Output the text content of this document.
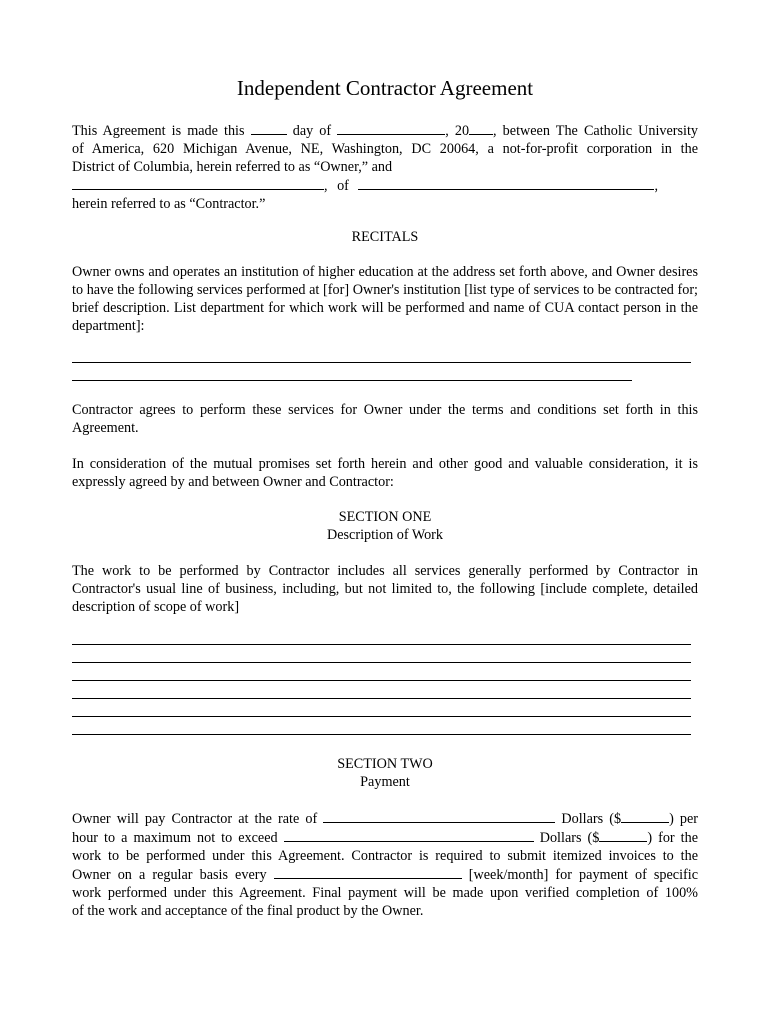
Independent Contractor Agreement

This Agreement is made this	day of	, 20 , between The Catholic University

of America, 620 Michigan Avenue, NE, Washington, DC 20064, a not-for-profit corporation in the

District of Columbia, herein referred to as “Owner,” and

, of	,

herein referred to as “Contractor.”

RECITALS
Owner owns and operates an institution of higher education at the address set forth above, and Owner desires to have the following services performed at [for] Owner's institution [list type of services to be contracted for; brief description. List department for which work will be performed and name of CUA contact person in the department]:
Contractor agrees to perform these services for Owner under the terms and conditions set forth in this Agreement.
In consideration of the mutual promises set forth herein and other good and valuable consideration, it is expressly agreed by and between Owner and Contractor:
SECTION ONE
Description of Work
The work to be performed by Contractor includes all services generally performed by Contractor in Contractor's usual line of business, including, but not limited to, the following [include complete, detailed description of scope of work]
SECTION TWO
Payment

Owner will pay Contractor at the rate of	Dollars ($	) per

hour to a maximum not to exceed	Dollars ($	) for the

work to be performed under this Agreement. Contractor is required to submit itemized invoices to the

Owner on a regular basis every	[week/month] for payment of specific

work performed under this Agreement. Final payment will be made upon verified completion of 100%

of the work and acceptance of the final product by the Owner.
